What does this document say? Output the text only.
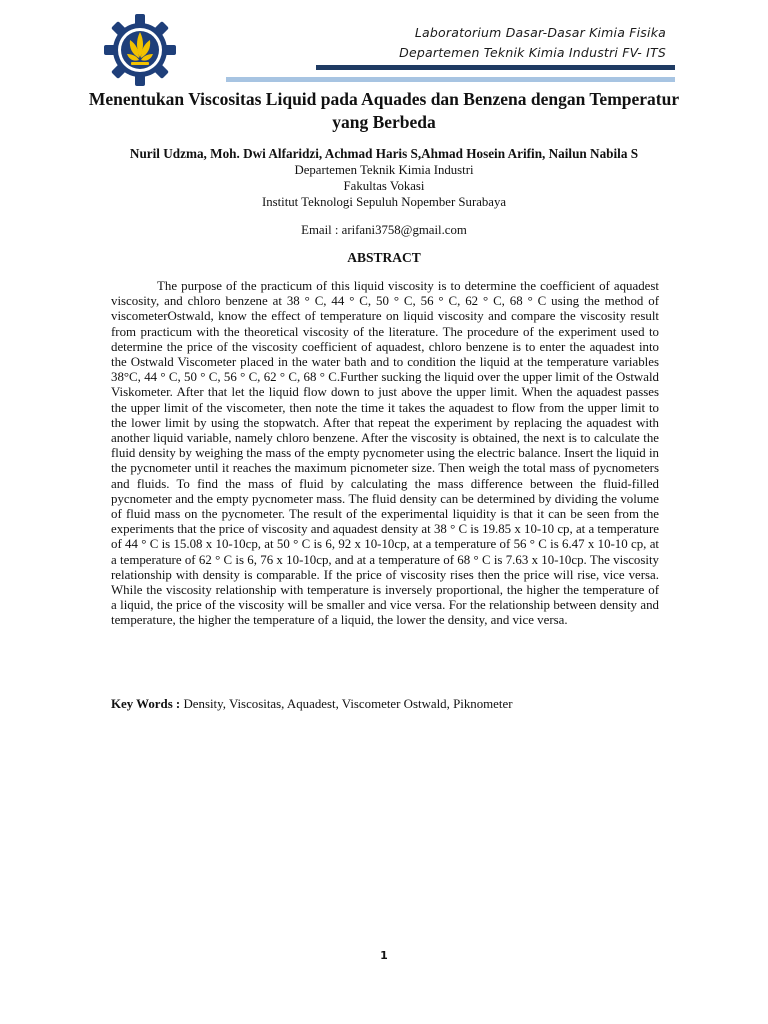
Laboratorium Dasar-Dasar Kimia Fisika
Departemen Teknik Kimia Industri FV- ITS
Menentukan Viscositas Liquid pada Aquades dan Benzena dengan Temperatur yang Berbeda
Nuril Udzma, Moh. Dwi Alfaridzi, Achmad Haris S,Ahmad Hosein Arifin, Nailun Nabila S
Departemen Teknik Kimia Industri
Fakultas Vokasi
Institut Teknologi Sepuluh Nopember Surabaya
Email : arifani3758@gmail.com
ABSTRACT

The purpose of the practicum of this liquid viscosity is to determine the coefficient of aquadest viscosity, and chloro benzene at 38 ° C, 44 ° C, 50 ° C, 56 ° C, 62 ° C, 68 ° C using the method of viscometerOstwald, know the effect of temperature on liquid viscosity and compare the viscosity result from practicum with the theoretical viscosity of the literature. The procedure of the experiment used to determine the price of the viscosity coefficient of aquadest, chloro benzene is to enter the aquadest into the Ostwald Viscometer placed in the water bath and to condition the liquid at the temperature variables 38°C, 44 ° C, 50 ° C, 56 ° C, 62 ° C, 68 ° C.Further sucking the liquid over the upper limit of the Ostwald Viskometer. After that let the liquid flow down to just above the upper limit. When the aquadest passes the upper limit of the viscometer, then note the time it takes the aquadest to flow from the upper limit to the lower limit by using the stopwatch. After that repeat the experiment by replacing the aquadest with another liquid variable, namely chloro benzene. After the viscosity is obtained, the next is to calculate the fluid density by weighing the mass of the empty pycnometer using the electric balance. Insert the liquid in the pycnometer until it reaches the maximum picnometer size. Then weigh the total mass of pycnometers and fluids. To find the mass of fluid by calculating the mass difference between the fluid-filled pycnometer and the empty pycnometer mass. The fluid density can be determined by dividing the volume of fluid mass on the pycnometer. The result of the experimental liquidity is that it can be seen from the experiments that the price of viscosity and aquadest density at 38 ° C is 19.85 x 10-10 cp, at a temperature of 44 ° C is 15.08 x 10-10cp, at 50 ° C is 6, 92 x 10-10cp, at a temperature of 56 ° C is 6.47 x 10-10 cp, at a temperature of 62 ° C is 6, 76 x 10-10cp, and at a temperature of 68 ° C is 7.63 x 10-10cp. The viscosity relationship with density is comparable. If the price of viscosity rises then the price will rise, vice versa. While the viscosity relationship with temperature is inversely proportional, the higher the temperature of a liquid, the price of the viscosity will be smaller and vice versa. For the relationship between density and temperature, the higher the temperature of a liquid, the lower the density, and vice versa.

Key Words : Density, Viscositas, Aquadest, Viscometer Ostwald, Piknometer
1
